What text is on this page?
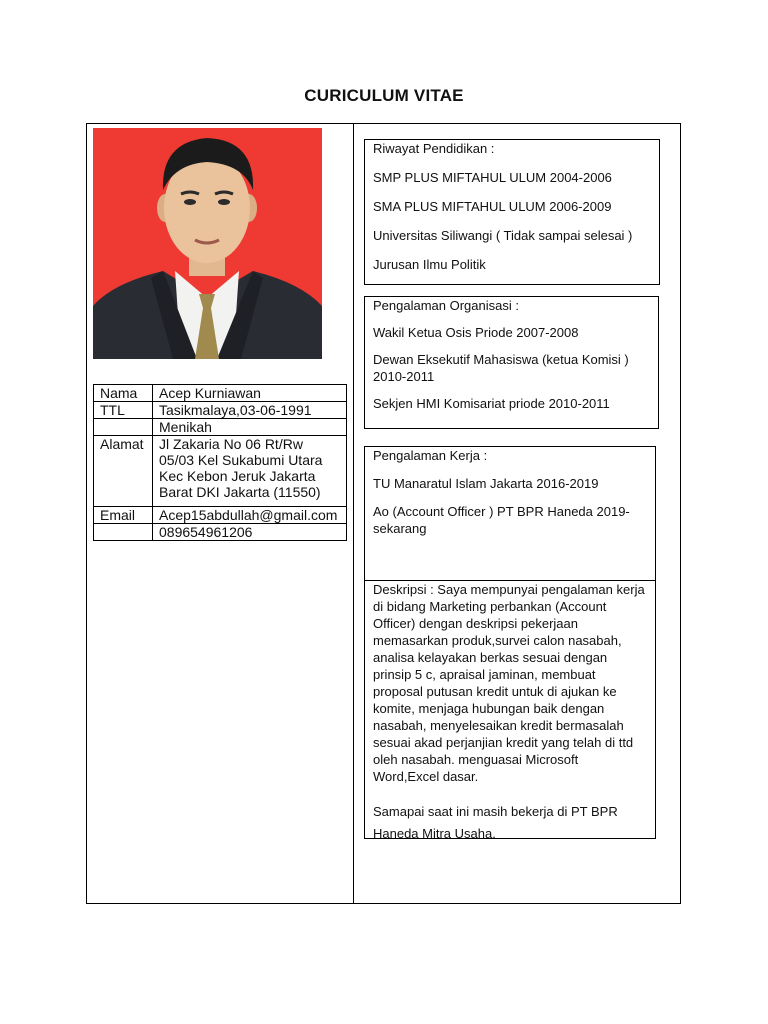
CURICULUM VITAE
Nama	Acep Kurniawan
TTL	Tasikmalaya,03-06-1991
	Menikah
Alamat	Jl Zakaria No 06 Rt/Rw 05/03 Kel Sukabumi Utara Kec Kebon Jeruk Jakarta Barat DKI Jakarta (11550)
Email	Acep15abdullah@gmail.com
	089654961206

Riwayat Pendidikan :

SMP PLUS MIFTAHUL ULUM 2004-2006

SMA PLUS MIFTAHUL ULUM 2006-2009

Universitas Siliwangi ( Tidak sampai selesai )

Jurusan Ilmu Politik

Pengalaman Organisasi :

Wakil Ketua Osis Priode 2007-2008

Dewan Eksekutif Mahasiswa (ketua Komisi ) 2010-2011

Sekjen HMI Komisariat priode 2010-2011

Pengalaman Kerja :

TU Manaratul Islam Jakarta 2016-2019

Ao (Account Officer ) PT BPR Haneda 2019-sekarang

Deskripsi : Saya mempunyai pengalaman kerja di bidang Marketing perbankan (Account Officer) dengan deskripsi pekerjaan memasarkan produk,survei calon nasabah, analisa kelayakan berkas sesuai dengan prinsip 5 c, apraisal jaminan, membuat proposal putusan kredit untuk di ajukan ke komite, menjaga hubungan baik dengan nasabah, menyelesaikan kredit bermasalah sesuai akad perjanjian kredit yang telah di ttd oleh nasabah. menguasai Microsoft Word,Excel dasar.

Samapai saat ini masih bekerja di PT BPR Haneda Mitra Usaha.
